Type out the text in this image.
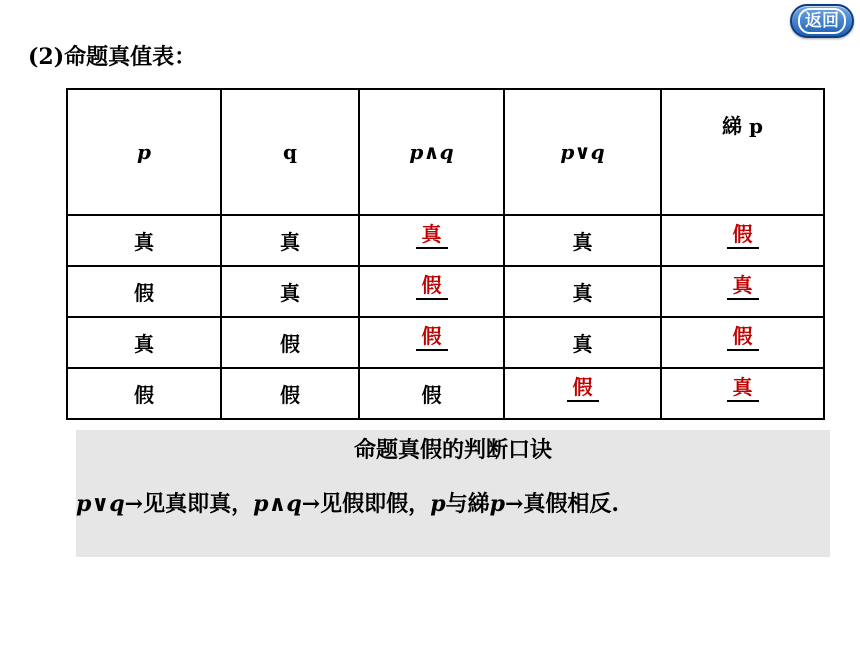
返回
(2)命题真值表：
p	q	p∧q	p∨q	綈 p
真	真	真	真	假
假	真	假	真	真
真	假	假	真	假
假	假	假	假	真
命题真假的判断口诀
p∨q→见真即真，p∧q→见假即假，p与綈p→真假相反.
